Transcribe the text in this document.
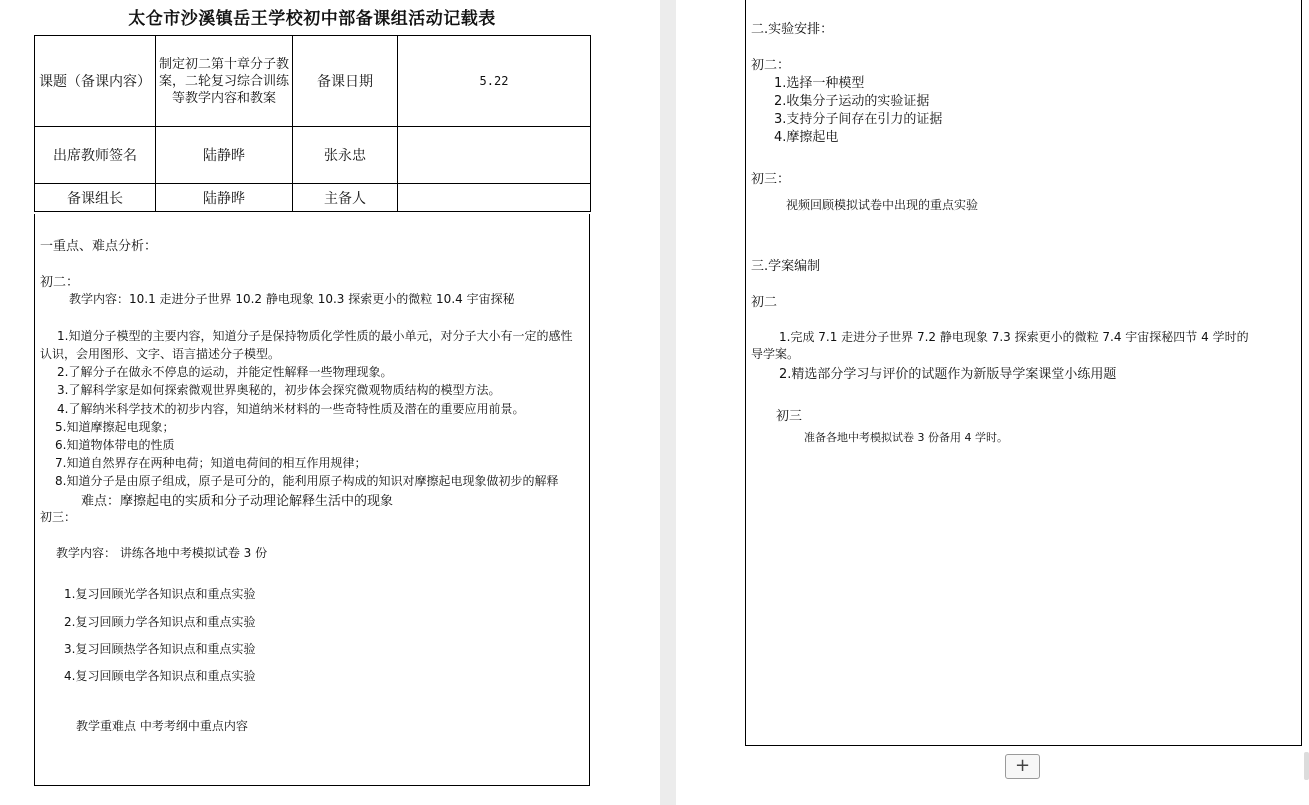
太仓市沙溪镇岳王学校初中部备课组活动记载表
课题（备课内容）	制定初二第十章分子教案，二轮复习综合训练等教学内容和教案	备课日期	5.22
出席教师签名	陆静晔	张永忠	
备课组长	陆静晔	主备人	
一重点、难点分析：
初二：
教学内容：10.1 走进分子世界 10.2 静电现象 10.3 探索更小的微粒 10.4 宇宙探秘
1.知道分子模型的主要内容，知道分子是保持物质化学性质的最小单元，对分子大小有一定的感性
认识，会用图形、文字、语言描述分子模型。
2.了解分子在做永不停息的运动，并能定性解释一些物理现象。
3.了解科学家是如何探索微观世界奥秘的，初步体会探究微观物质结构的模型方法。
4.了解纳米科学技术的初步内容，知道纳米材料的一些奇特性质及潜在的重要应用前景。
5.知道摩擦起电现象；
6.知道物体带电的性质
7.知道自然界存在两种电荷；知道电荷间的相互作用规律；
8.知道分子是由原子组成，原子是可分的，能利用原子构成的知识对摩擦起电现象做初步的解释
难点：摩擦起电的实质和分子动理论解释生活中的现象
初三：
教学内容： 讲练各地中考模拟试卷 3 份
1.复习回顾光学各知识点和重点实验
2.复习回顾力学各知识点和重点实验
3.复习回顾热学各知识点和重点实验
4.复习回顾电学各知识点和重点实验
教学重难点 中考考纲中重点内容
二.实验安排：
初二：
1.选择一种模型
2.收集分子运动的实验证据
3.支持分子间存在引力的证据
4.摩擦起电
初三：
视频回顾模拟试卷中出现的重点实验
三.学案编制
初二
1.完成 7.1 走进分子世界 7.2 静电现象 7.3 探索更小的微粒 7.4 宇宙探秘四节 4 学时的
导学案。
2.精选部分学习与评价的试题作为新版导学案课堂小练用题
初三
准备各地中考模拟试卷 3 份备用 4 学时。
+
